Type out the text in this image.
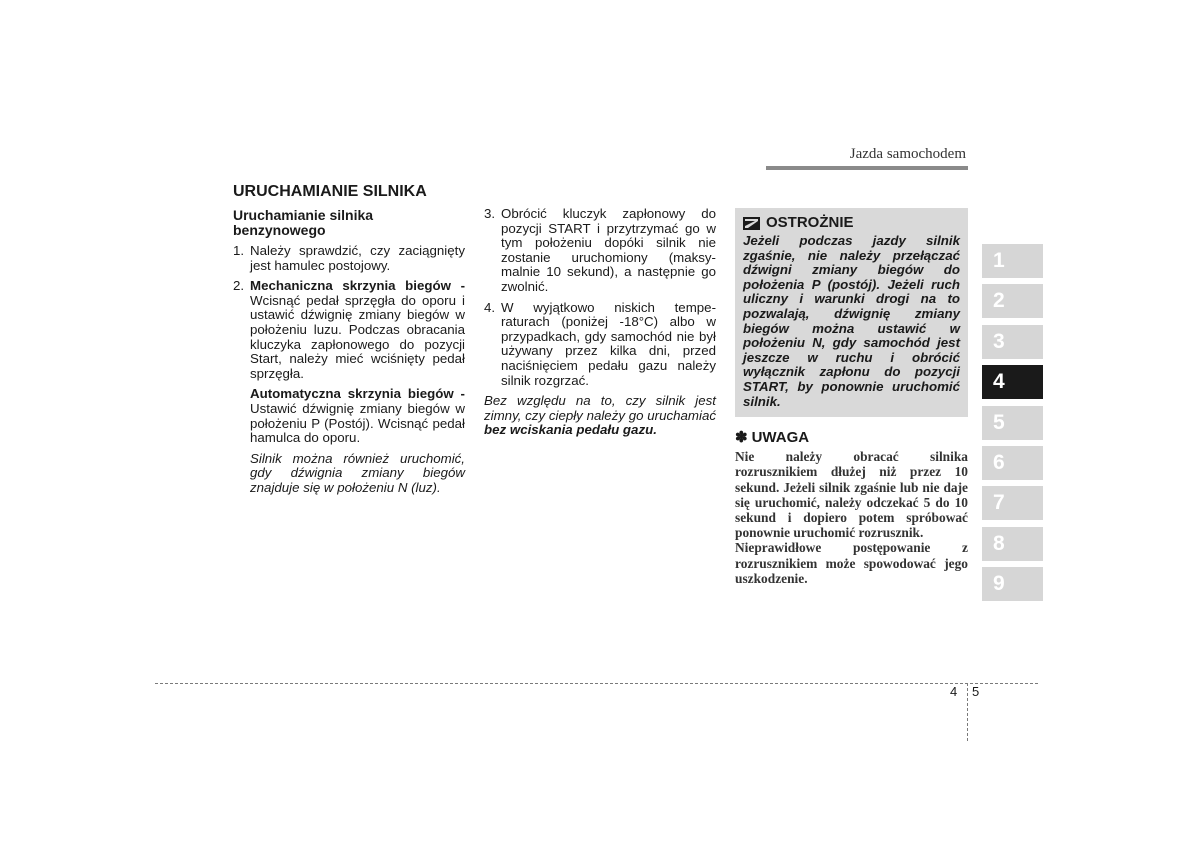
Jazda samochodem
URUCHAMIANIE SILNIKA
Uruchamianie silnika benzynowego
1. Należy sprawdzić, czy zaciągnięty jest hamulec postojowy.
2. Mechaniczna skrzynia biegów - Wcisnąć pedał sprzęgła do oporu i ustawić dźwignię zmiany biegów w położeniu luzu. Podczas obracania kluczyka zapłonowego do pozycji Start, należy mieć wciśnięty pedał sprzęgła.
Automatyczna skrzynia biegów - Ustawić dźwignię zmiany biegów w położeniu P (Postój). Wcisnąć pedał hamulca do oporu.
Silnik można również uruchomić, gdy dźwignia zmiany biegów znajduje się w położeniu N (luz).
3. Obrócić kluczyk zapłonowy do pozycji START i przytrzymać go w tym położeniu dopóki silnik nie zostanie uruchomiony (maksy-malnie 10 sekund), a następnie go zwolnić.
4. W wyjątkowo niskich tempe-raturach (poniżej -18°C) albo w przypadkach, gdy samochód nie był używany przez kilka dni, przed naciśnięciem pedału gazu należy silnik rozgrzać.
Bez względu na to, czy silnik jest zimny, czy ciepły należy go uruchamiać bez wciskania pedału gazu.
OSTROŻNIE
Jeżeli podczas jazdy silnik zgaśnie, nie należy przełączać dźwigni zmiany biegów do położenia P (postój). Jeżeli ruch uliczny i warunki drogi na to pozwalają, dźwignię zmiany biegów można ustawić w położeniu N, gdy samochód jest jeszcze w ruchu i obrócić wyłącznik zapłonu do pozycji START, by ponownie uruchomić silnik.
✽ UWAGA
Nie należy obracać silnika rozrusznikiem dłużej niż przez 10 sekund. Jeżeli silnik zgaśnie lub nie daje się uruchomić, należy odczekać 5 do 10 sekund i dopiero potem spróbować ponownie uruchomić rozrusznik.
Nieprawidłowe postępowanie z rozrusznikiem może spowodować jego uszkodzenie.
1
2
3
4
5
6
7
8
9
4 5
